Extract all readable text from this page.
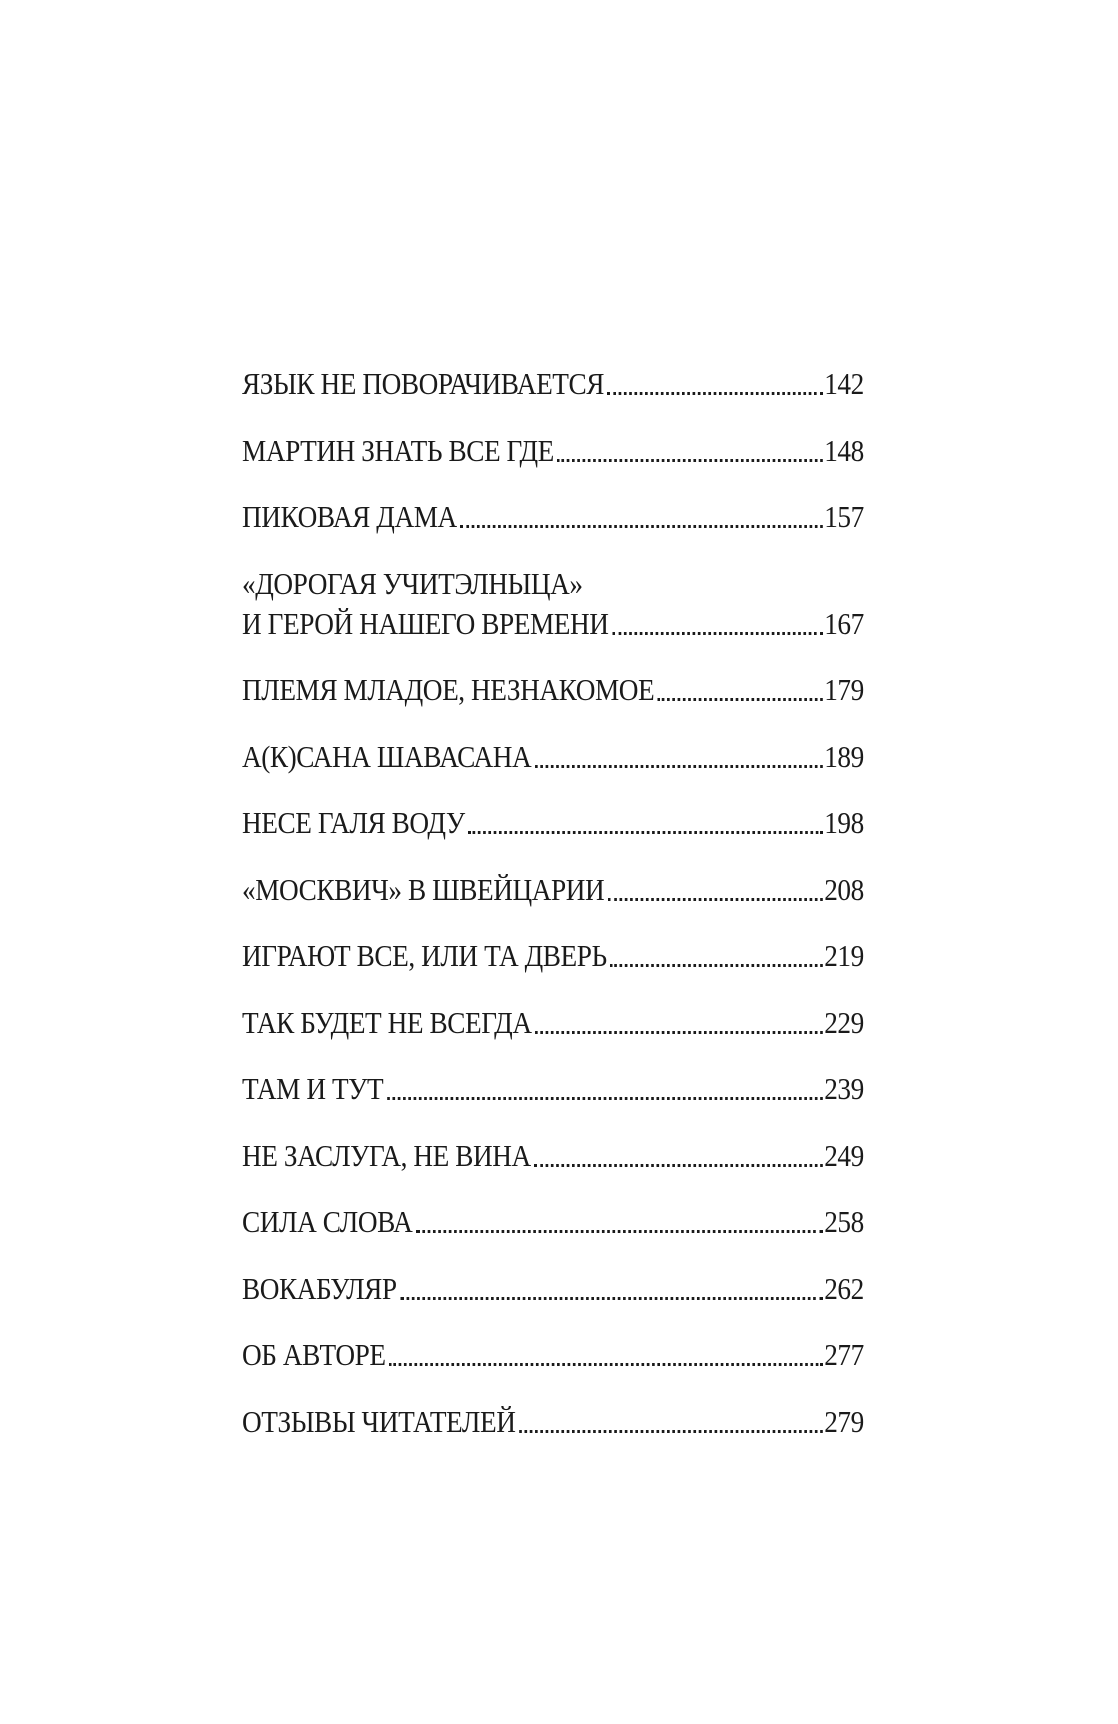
ЯЗЫК НЕ ПОВОРАЧИВАЕТСЯ	142
МАРТИН ЗНАТЬ ВСЕ ГДЕ	148
ПИКОВАЯ ДАМА	157
«ДОРОГАЯ УЧИТЭЛНЫЦА»
И ГЕРОЙ НАШЕГО ВРЕМЕНИ	167
ПЛЕМЯ МЛАДОЕ, НЕЗНАКОМОЕ	179
А(К)САНА ШАВАСАНА	189
НЕСЕ ГАЛЯ ВОДУ	198
«МОСКВИЧ» В ШВЕЙЦАРИИ	208
ИГРАЮТ ВСЕ, ИЛИ ТА ДВЕРЬ	219
ТАК БУДЕТ НЕ ВСЕГДА	229
ТАМ И ТУТ	239
НЕ ЗАСЛУГА, НЕ ВИНА	249
СИЛА СЛОВА	258
ВОКАБУЛЯР	262
ОБ АВТОРЕ	277
ОТЗЫВЫ ЧИТАТЕЛЕЙ	279
